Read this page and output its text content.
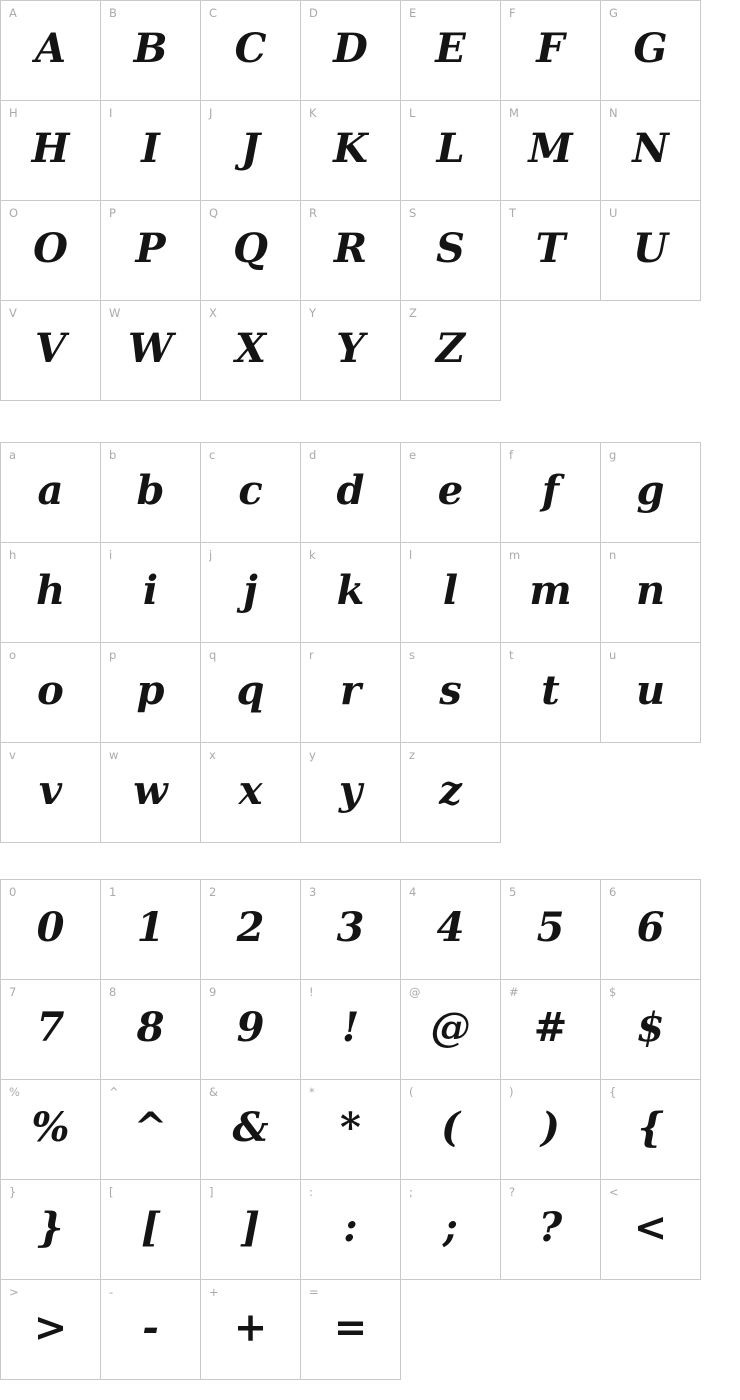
A
A
B
B
C
C
D
D
E
E
F
F
G
G
H
H
I
I
J
J
K
K
L
L
M
M
N
N
O
O
P
P
Q
Q
R
R
S
S
T
T
U
U
V
V
W
W
X
X
Y
Y
Z
Z

a
a
b
b
c
c
d
d
e
e
f
f
g
g
h
h
i
i
j
j
k
k
l
l
m
m
n
n
o
o
p
p
q
q
r
r
s
s
t
t
u
u
v
v
w
w
x
x
y
y
z
z

0
0
1
1
2
2
3
3
4
4
5
5
6
6
7
7
8
8
9
9
!
!
@
@
#
#
$
$
%
%
^
^
&
&
*
*
(
(
)
)
{
{
}
}
[
[
]
]
:
:
;
;
?
?
<
<
>
>
-
-
+
+
=
=
